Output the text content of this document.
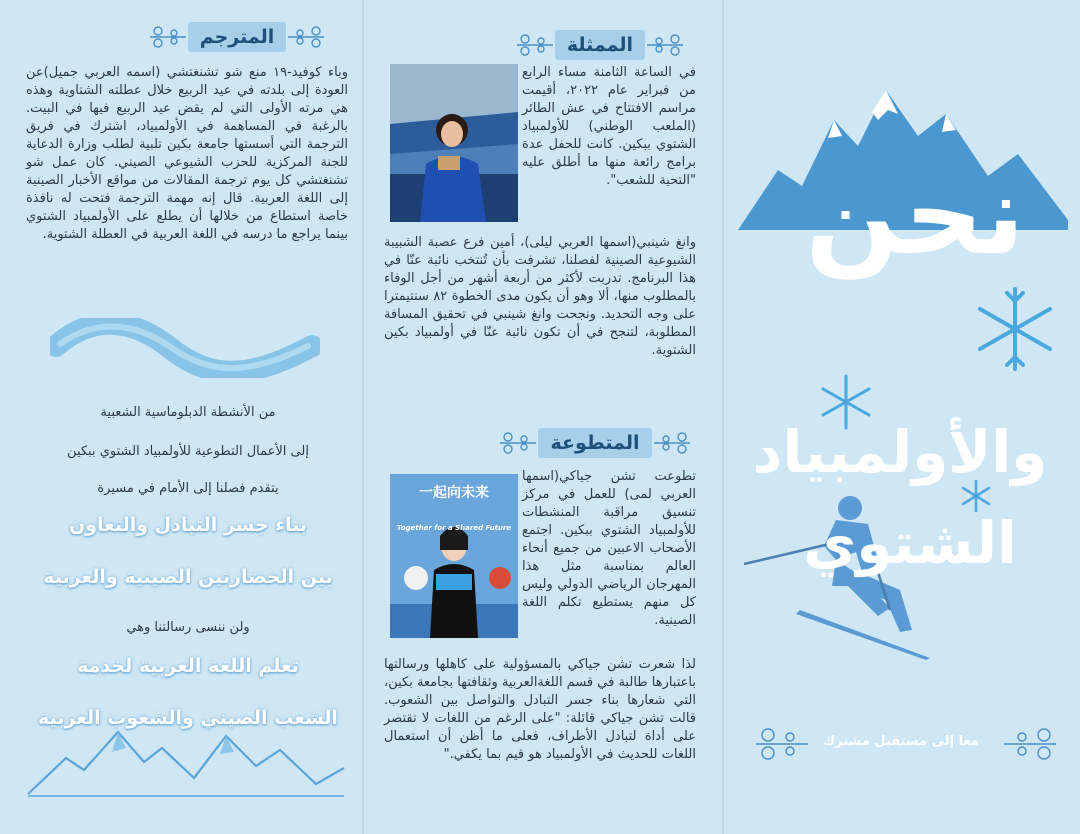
المترجم

وباء كوفيد-١٩ منع شو تشنغتشي (اسمه العربي جميل)عن العودة إلى بلدته في عيد الربيع خلال عطلته الشتاوية وهذه هي مرته الأولى التي لم يقض عيد الربيع فيها في البيت. بالرغبة في المساهمة في الأولمبياد، اشترك في فريق الترجمة التي أسستها جامعة بكين تلبية لطلب وزارة الدعاية للجنة المركزية للحزب الشيوعي الصيني. كان عمل شو تشنغتشي كل يوم ترجمة المقالات من مواقع الأخبار الصينية إلى اللغة العربية. قال إنه مهمة الترجمة فتحت له نافذة خاصة استطاع من خلالها أن يطلع على الأولمبياد الشتوي بينما يراجع ما درسه في اللغة العربية في العطلة الشتوية.

من الأنشطة الدبلوماسية الشعبية
إلى الأعمال التطوعية للأولمبياد الشتوي ببكين
يتقدم فصلنا إلى الأمام في مسيرة
بناء جسر التبادل والتعاون
بين الحضارتين الصينية والعربية
ولن ننسى رسالتنا وهي
تعلم اللغة العربية لخدمة
الشعب الصيني والشعوب العربية
الممثلة

في الساعة الثامنة مساء الرابع من فبراير عام ٢٠٢٢، أقيمت مراسم الافتتاح في عش الطائر (الملعب الوطني) للأولمبياد الشتوي ببكين. كانت للحفل عدة برامج رائعة منها ما أطلق عليه "التحية للشعب".

وانغ شينبي(اسمها العربي ليلى)، أمين فرع عصبة الشبيبة الشيوعية الصينية لفصلنا، تشرفت بأن تُنتخب نائبة عنّا في هذا البرنامج. تدربت لأكثر من أربعة أشهر من أجل الوفاء بالمطلوب منها، ألا وهو أن يكون مدى الخطوة ٨٢ سنتيمترا على وجه التحديد. ونجحت وانغ شينبي في تحقيق المسافة المطلوبة، لتنجح في أن تكون نائبة عنّا في أولمبياد بكين الشتوية.

المتطوعة
一起向未来
Together for a Shared Future

تطوعت تشن جياكي(اسمها العربي لمى) للعمل في مركز تنسيق مراقبة المنشطات للأولمبياد الشتوي ببكين. اجتمع الأصحاب الاعبين من جميع أنحاء العالم بمناسبة مثل هذا المهرجان الرياضي الدولي وليس كل منهم يستطيع تكلم اللغة الصينية.

لذا شعرت تشن جياكي بالمسؤولية على كاهلها ورسالتها باعتبارها طالبة في قسم اللغةالعربية وثقافتها بجامعة بكين، التي شعارها بناء جسر التبادل والتواصل بين الشعوب. قالت تشن جياكي قائلة: "على الرغم من اللغات لا تقتصر على أداة لتبادل الأطراف، فعلى ما أظن أن استعمال اللغات للحديث في الأولمبياد هو قيم بما يكفي."

نحن
والأولمبياد
الشتوي
معا إلى مستقبل مشترك
